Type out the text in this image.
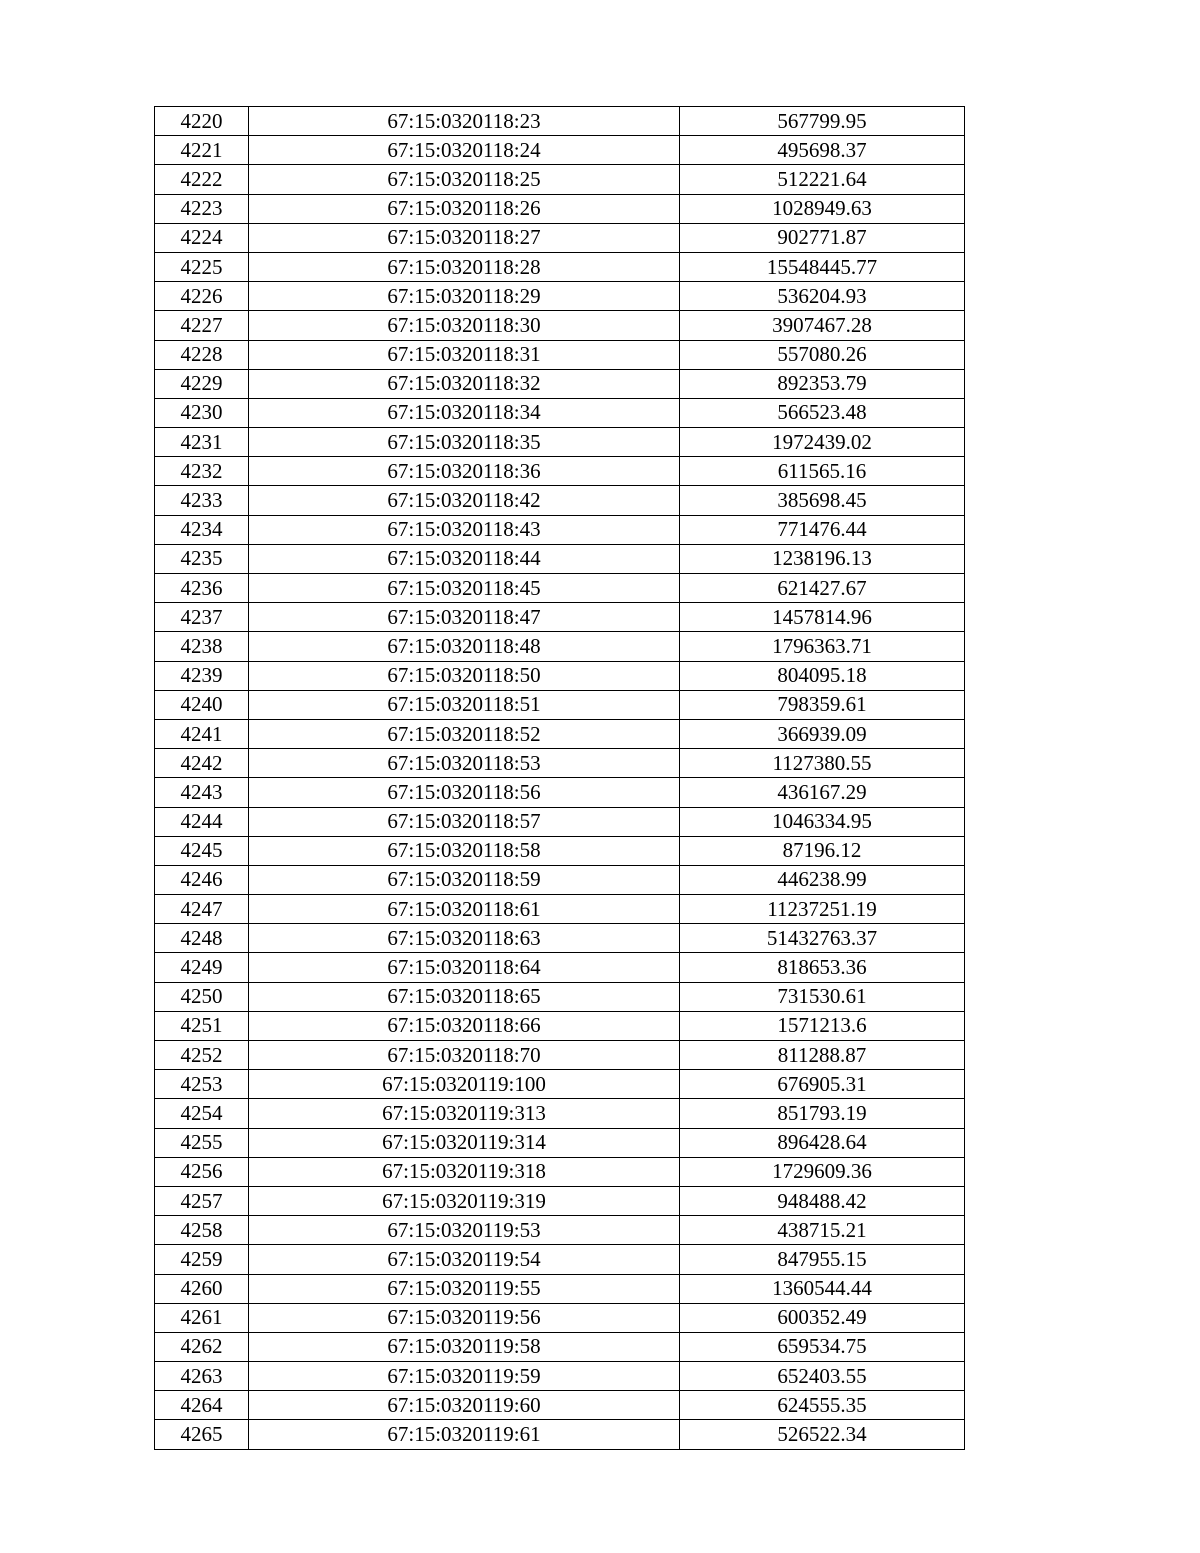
4220	67:15:0320118:23	567799.95
4221	67:15:0320118:24	495698.37
4222	67:15:0320118:25	512221.64
4223	67:15:0320118:26	1028949.63
4224	67:15:0320118:27	902771.87
4225	67:15:0320118:28	15548445.77
4226	67:15:0320118:29	536204.93
4227	67:15:0320118:30	3907467.28
4228	67:15:0320118:31	557080.26
4229	67:15:0320118:32	892353.79
4230	67:15:0320118:34	566523.48
4231	67:15:0320118:35	1972439.02
4232	67:15:0320118:36	611565.16
4233	67:15:0320118:42	385698.45
4234	67:15:0320118:43	771476.44
4235	67:15:0320118:44	1238196.13
4236	67:15:0320118:45	621427.67
4237	67:15:0320118:47	1457814.96
4238	67:15:0320118:48	1796363.71
4239	67:15:0320118:50	804095.18
4240	67:15:0320118:51	798359.61
4241	67:15:0320118:52	366939.09
4242	67:15:0320118:53	1127380.55
4243	67:15:0320118:56	436167.29
4244	67:15:0320118:57	1046334.95
4245	67:15:0320118:58	87196.12
4246	67:15:0320118:59	446238.99
4247	67:15:0320118:61	11237251.19
4248	67:15:0320118:63	51432763.37
4249	67:15:0320118:64	818653.36
4250	67:15:0320118:65	731530.61
4251	67:15:0320118:66	1571213.6
4252	67:15:0320118:70	811288.87
4253	67:15:0320119:100	676905.31
4254	67:15:0320119:313	851793.19
4255	67:15:0320119:314	896428.64
4256	67:15:0320119:318	1729609.36
4257	67:15:0320119:319	948488.42
4258	67:15:0320119:53	438715.21
4259	67:15:0320119:54	847955.15
4260	67:15:0320119:55	1360544.44
4261	67:15:0320119:56	600352.49
4262	67:15:0320119:58	659534.75
4263	67:15:0320119:59	652403.55
4264	67:15:0320119:60	624555.35
4265	67:15:0320119:61	526522.34
